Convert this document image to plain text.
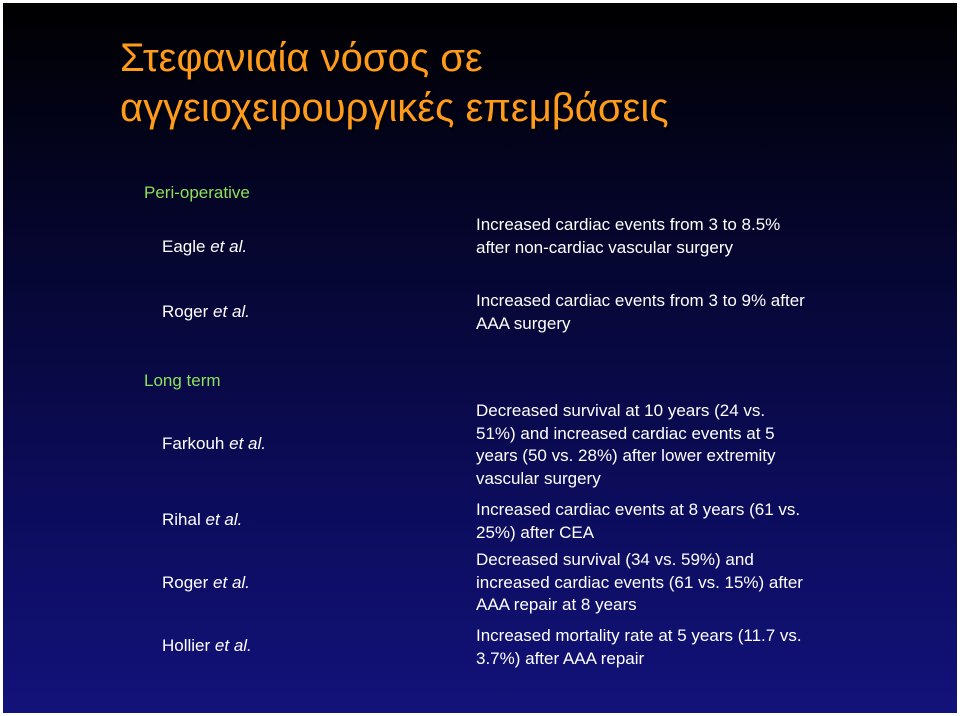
Στεφανιαία νόσος σε
αγγειοχειρουργικές επεμβάσεις
Peri-operative
Eagle et al.
Increased cardiac events from 3 to 8.5% after non-cardiac vascular surgery
Roger et al.
Increased cardiac events from 3 to 9% after AAA surgery
Long term
Farkouh et al.
Decreased survival at 10 years (24 vs. 51%) and increased cardiac events at 5 years (50 vs. 28%) after lower extremity vascular surgery
Rihal et al.
Increased cardiac events at 8 years (61 vs. 25%) after CEA
Roger et al.
Decreased survival (34 vs. 59%) and increased cardiac events (61 vs. 15%) after AAA repair at 8 years
Hollier et al.
Increased mortality rate at 5 years (11.7 vs. 3.7%) after AAA repair
